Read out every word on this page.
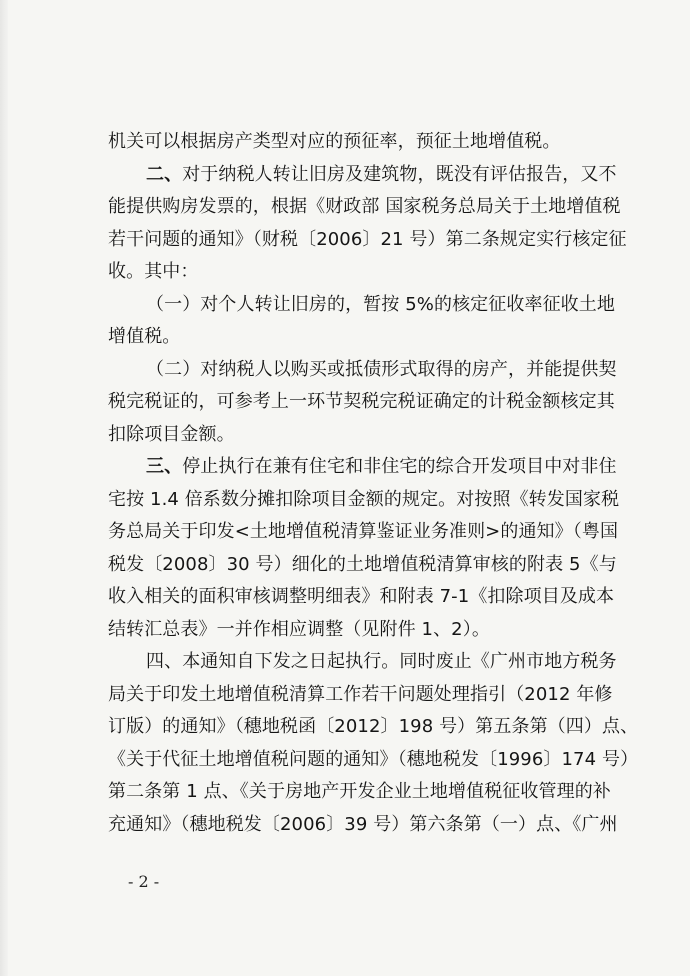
机关可以根据房产类型对应的预征率，预征土地增值税。
二、对于纳税人转让旧房及建筑物，既没有评估报告，又不
能提供购房发票的，根据《财政部 国家税务总局关于土地增值税
若干问题的通知》（财税〔2006〕21 号）第二条规定实行核定征
收。其中：
（一）对个人转让旧房的，暂按 5%的核定征收率征收土地
增值税。
（二）对纳税人以购买或抵债形式取得的房产，并能提供契
税完税证的，可参考上一环节契税完税证确定的计税金额核定其
扣除项目金额。
三、停止执行在兼有住宅和非住宅的综合开发项目中对非住
宅按 1.4 倍系数分摊扣除项目金额的规定。对按照《转发国家税
务总局关于印发<土地增值税清算鉴证业务准则>的通知》（粤国
税发〔2008〕30 号）细化的土地增值税清算审核的附表 5《与
收入相关的面积审核调整明细表》和附表 7-1《扣除项目及成本
结转汇总表》一并作相应调整（见附件 1、2）。
四、本通知自下发之日起执行。同时废止《广州市地方税务
局关于印发土地增值税清算工作若干问题处理指引（2012 年修
订版）的通知》（穗地税函〔2012〕198 号）第五条第（四）点、
《关于代征土地增值税问题的通知》（穗地税发〔1996〕174 号）
第二条第 1 点、《关于房地产开发企业土地增值税征收管理的补
充通知》（穗地税发〔2006〕39 号）第六条第（一）点、《广州
- 2 -
